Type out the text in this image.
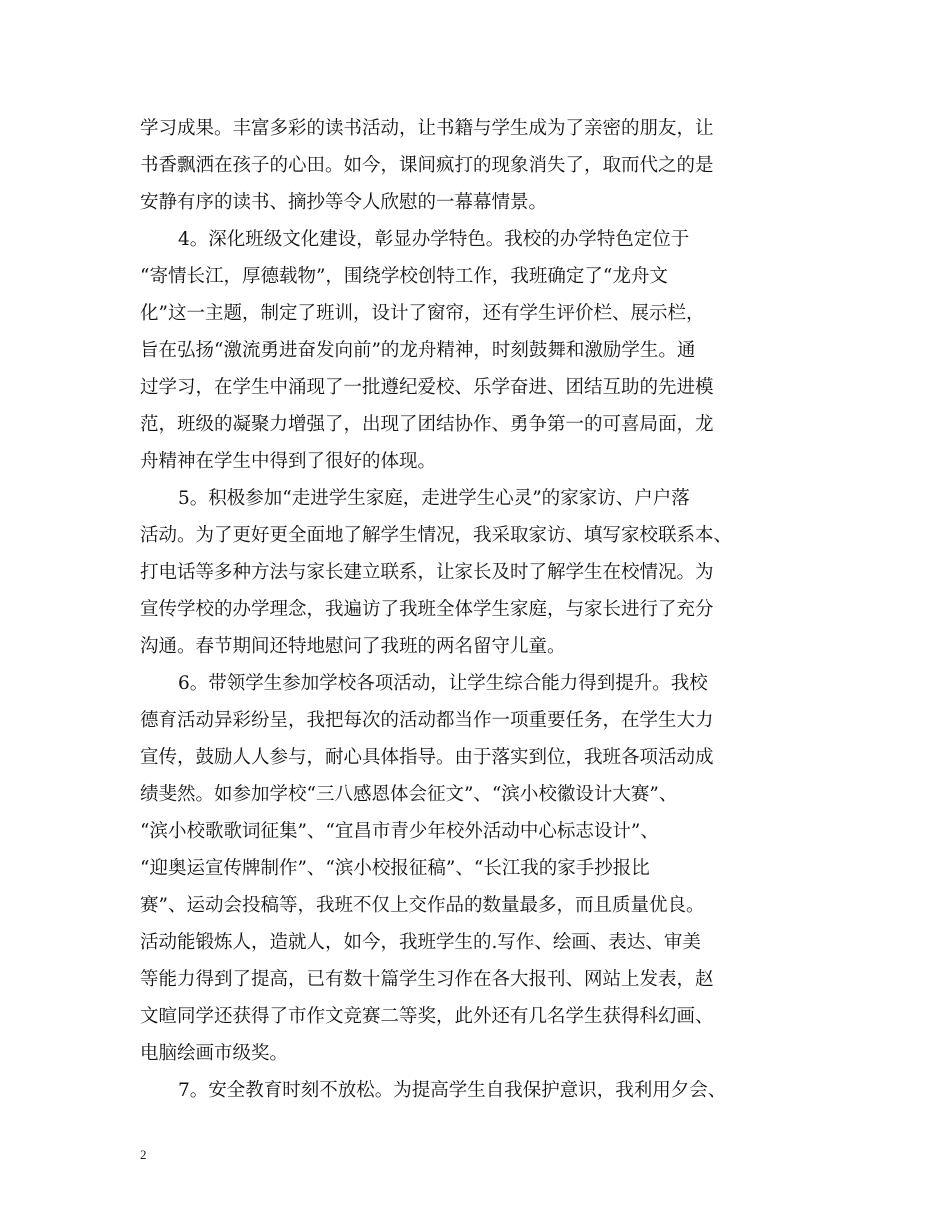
学习成果。丰富多彩的读书活动，让书籍与学生成为了亲密的朋友，让
书香飘洒在孩子的心田。如今，课间疯打的现象消失了，取而代之的是
安静有序的读书、摘抄等令人欣慰的一幕幕情景。
4。深化班级文化建设，彰显办学特色。我校的办学特色定位于
“寄情长江，厚德载物”，围绕学校创特工作，我班确定了“龙舟文
化”这一主题，制定了班训，设计了窗帘，还有学生评价栏、展示栏，
旨在弘扬“激流勇进奋发向前”的龙舟精神，时刻鼓舞和激励学生。通
过学习，在学生中涌现了一批遵纪爱校、乐学奋进、团结互助的先进模
范，班级的凝聚力增强了，出现了团结协作、勇争第一的可喜局面，龙
舟精神在学生中得到了很好的体现。
5。积极参加“走进学生家庭，走进学生心灵”的家家访、户户落
活动。为了更好更全面地了解学生情况，我采取家访、填写家校联系本、
打电话等多种方法与家长建立联系，让家长及时了解学生在校情况。为
宣传学校的办学理念，我遍访了我班全体学生家庭，与家长进行了充分
沟通。春节期间还特地慰问了我班的两名留守儿童。
6。带领学生参加学校各项活动，让学生综合能力得到提升。我校
德育活动异彩纷呈，我把每次的活动都当作一项重要任务，在学生大力
宣传，鼓励人人参与，耐心具体指导。由于落实到位，我班各项活动成
绩斐然。如参加学校“三八感恩体会征文”、“滨小校徽设计大赛”、
“滨小校歌歌词征集”、“宜昌市青少年校外活动中心标志设计”、
“迎奥运宣传牌制作”、“滨小校报征稿”、“长江我的家手抄报比
赛”、运动会投稿等，我班不仅上交作品的数量最多，而且质量优良。
活动能锻炼人，造就人，如今，我班学生的.写作、绘画、表达、审美
等能力得到了提高，已有数十篇学生习作在各大报刊、网站上发表，赵
文暄同学还获得了市作文竞赛二等奖，此外还有几名学生获得科幻画、
电脑绘画市级奖。
7。安全教育时刻不放松。为提高学生自我保护意识，我利用夕会、
2
